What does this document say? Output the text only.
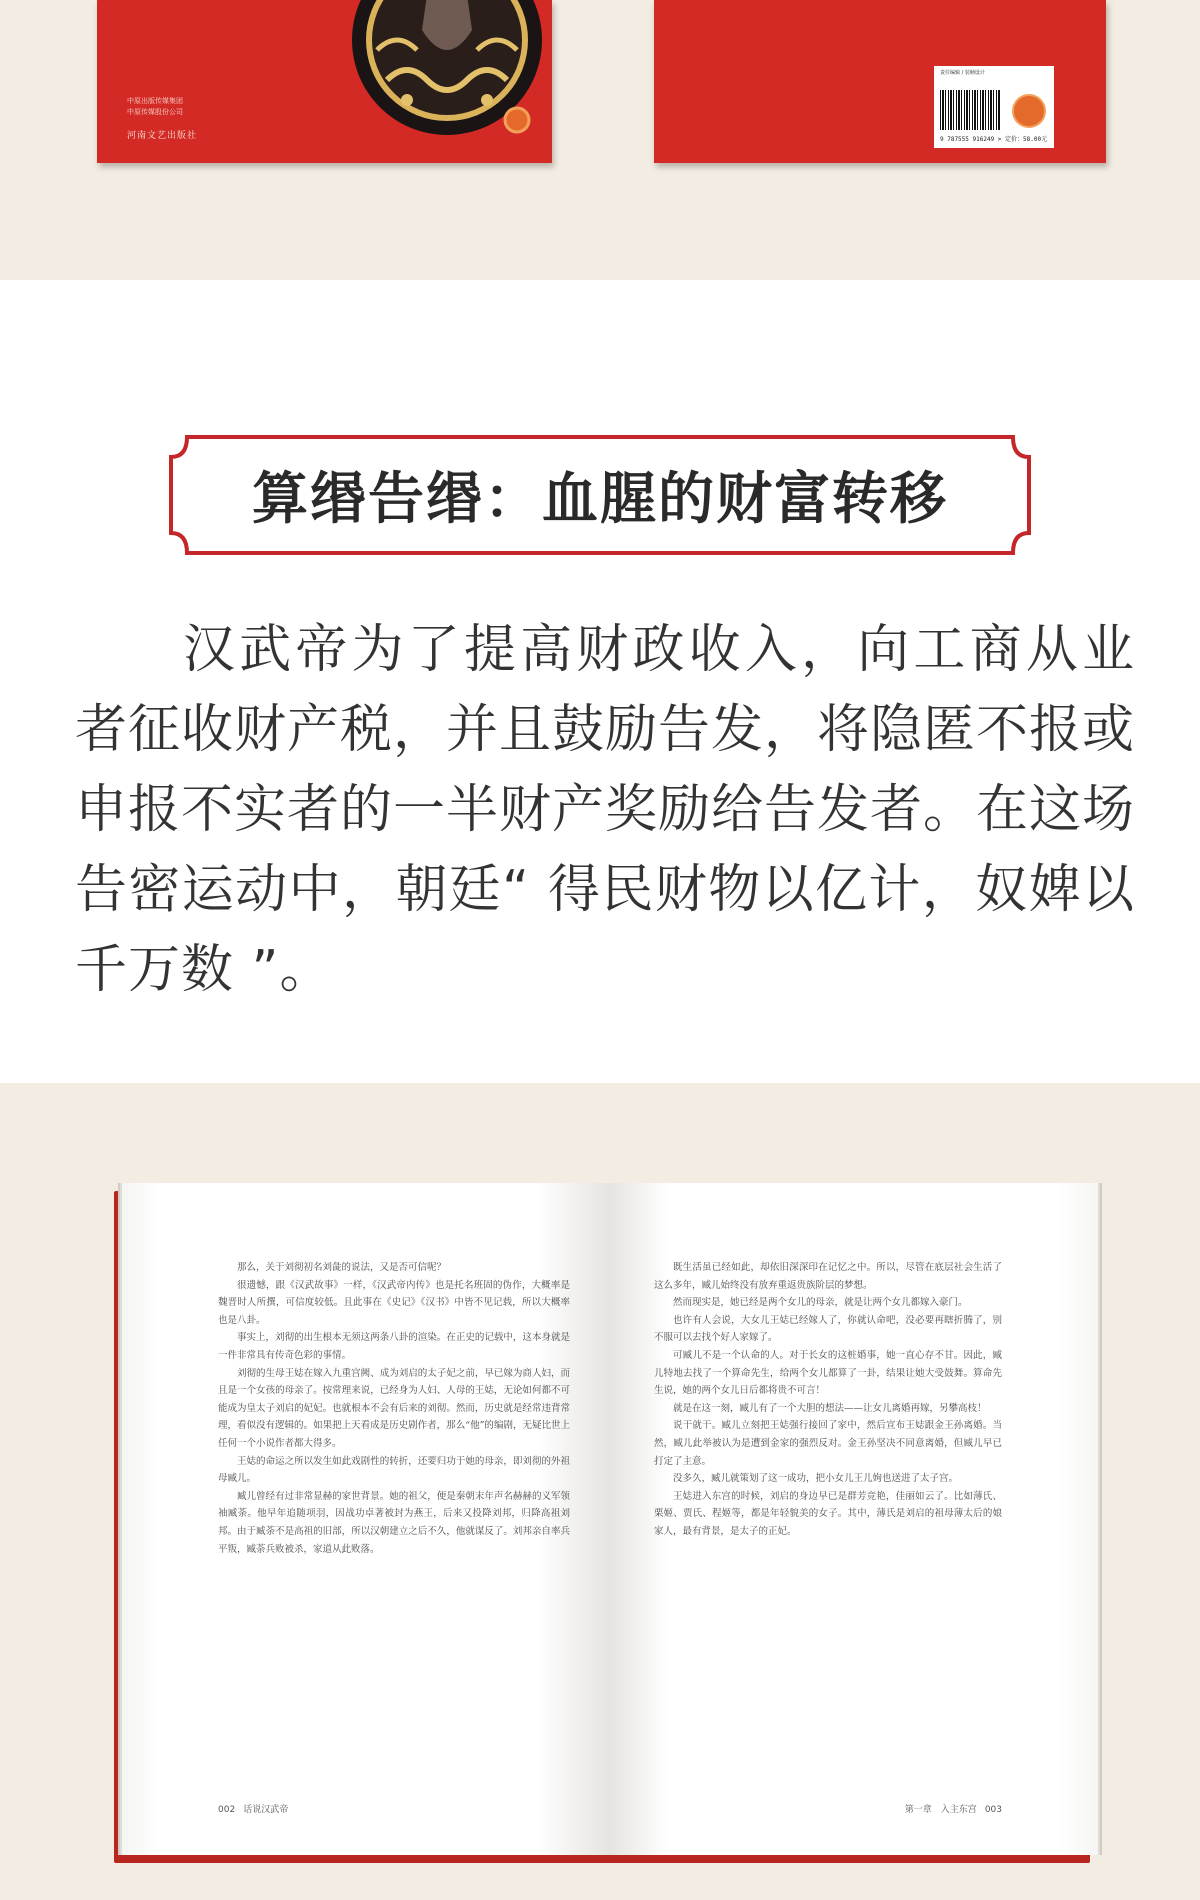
中原出版传媒集团
中原传媒股份公司
河南文艺出版社
责任编辑 / 装帧设计
9 787555 916249 > 定价：58.00元
算缗告缗：血腥的财富转移
汉武帝为了提高财政收入，向工商从业者征收财产税，并且鼓励告发，将隐匿不报或申报不实者的一半财产奖励给告发者。在这场告密运动中，朝廷“ 得民财物以亿计，奴婢以千万数 ”。

那么，关于刘彻初名刘彘的说法，又是否可信呢？

很遗憾，跟《汉武故事》一样，《汉武帝内传》也是托名班固的伪作，大概率是魏晋时人所撰，可信度较低。且此事在《史记》《汉书》中皆不见记载，所以大概率也是八卦。

事实上，刘彻的出生根本无须这两条八卦的渲染。在正史的记载中，这本身就是一件非常具有传奇色彩的事情。

刘彻的生母王娡在嫁入九重宫阙、成为刘启的太子妃之前，早已嫁为商人妇，而且是一个女孩的母亲了。按常理来说，已经身为人妇、人母的王娡，无论如何都不可能成为皇太子刘启的妃妃。也就根本不会有后来的刘彻。然而，历史就是经常违背常理，看似没有逻辑的。如果把上天看成是历史剧作者，那么“他”的编剧，无疑比世上任何一个小说作者都大得多。

王娡的命运之所以发生如此戏剧性的转折，还要归功于她的母亲，即刘彻的外祖母臧儿。

臧儿曾经有过非常显赫的家世背景。她的祖父，便是秦朝末年声名赫赫的义军领袖臧荼。他早年追随项羽，因战功卓著被封为燕王，后来又投降刘邦，归降高祖刘邦。由于臧荼不是高祖的旧部，所以汉朝建立之后不久，他就谋反了。刘邦亲自率兵平叛，臧荼兵败被杀，家道从此败落。

002 话说汉武帝

既生活虽已经如此，却依旧深深印在记忆之中。所以，尽管在底层社会生活了这么多年，臧儿始终没有放弃重返贵族阶层的梦想。

然而现实是，她已经是两个女儿的母亲，就是让两个女儿都嫁入豪门。

也许有人会说，大女儿王娡已经嫁人了，你就认命吧，没必要再瞎折腾了，别不服可以去找个好人家嫁了。

可臧儿不是一个认命的人。对于长女的这桩婚事，她一直心存不甘。因此，臧儿特地去找了一个算命先生，给两个女儿都算了一卦，结果让她大受鼓舞。算命先生说，她的两个女儿日后都将贵不可言！

就是在这一刻，臧儿有了一个大胆的想法——让女儿离婚再嫁，另攀高枝！

说干就干。臧儿立刻把王娡强行接回了家中，然后宣布王娡跟金王孙离婚。当然，臧儿此举被认为是遭到金家的强烈反对。金王孙坚决不同意离婚，但臧儿早已打定了主意。

没多久，臧儿就策划了这一成功，把小女儿王儿姁也送进了太子宫。

王娡进入东宫的时候，刘启的身边早已是群芳竞艳，佳丽如云了。比如薄氏、栗姬、贾氏、程姬等，都是年轻貌美的女子。其中，薄氏是刘启的祖母薄太后的娘家人，最有背景，是太子的正妃。

第一章　入主东宫 003
